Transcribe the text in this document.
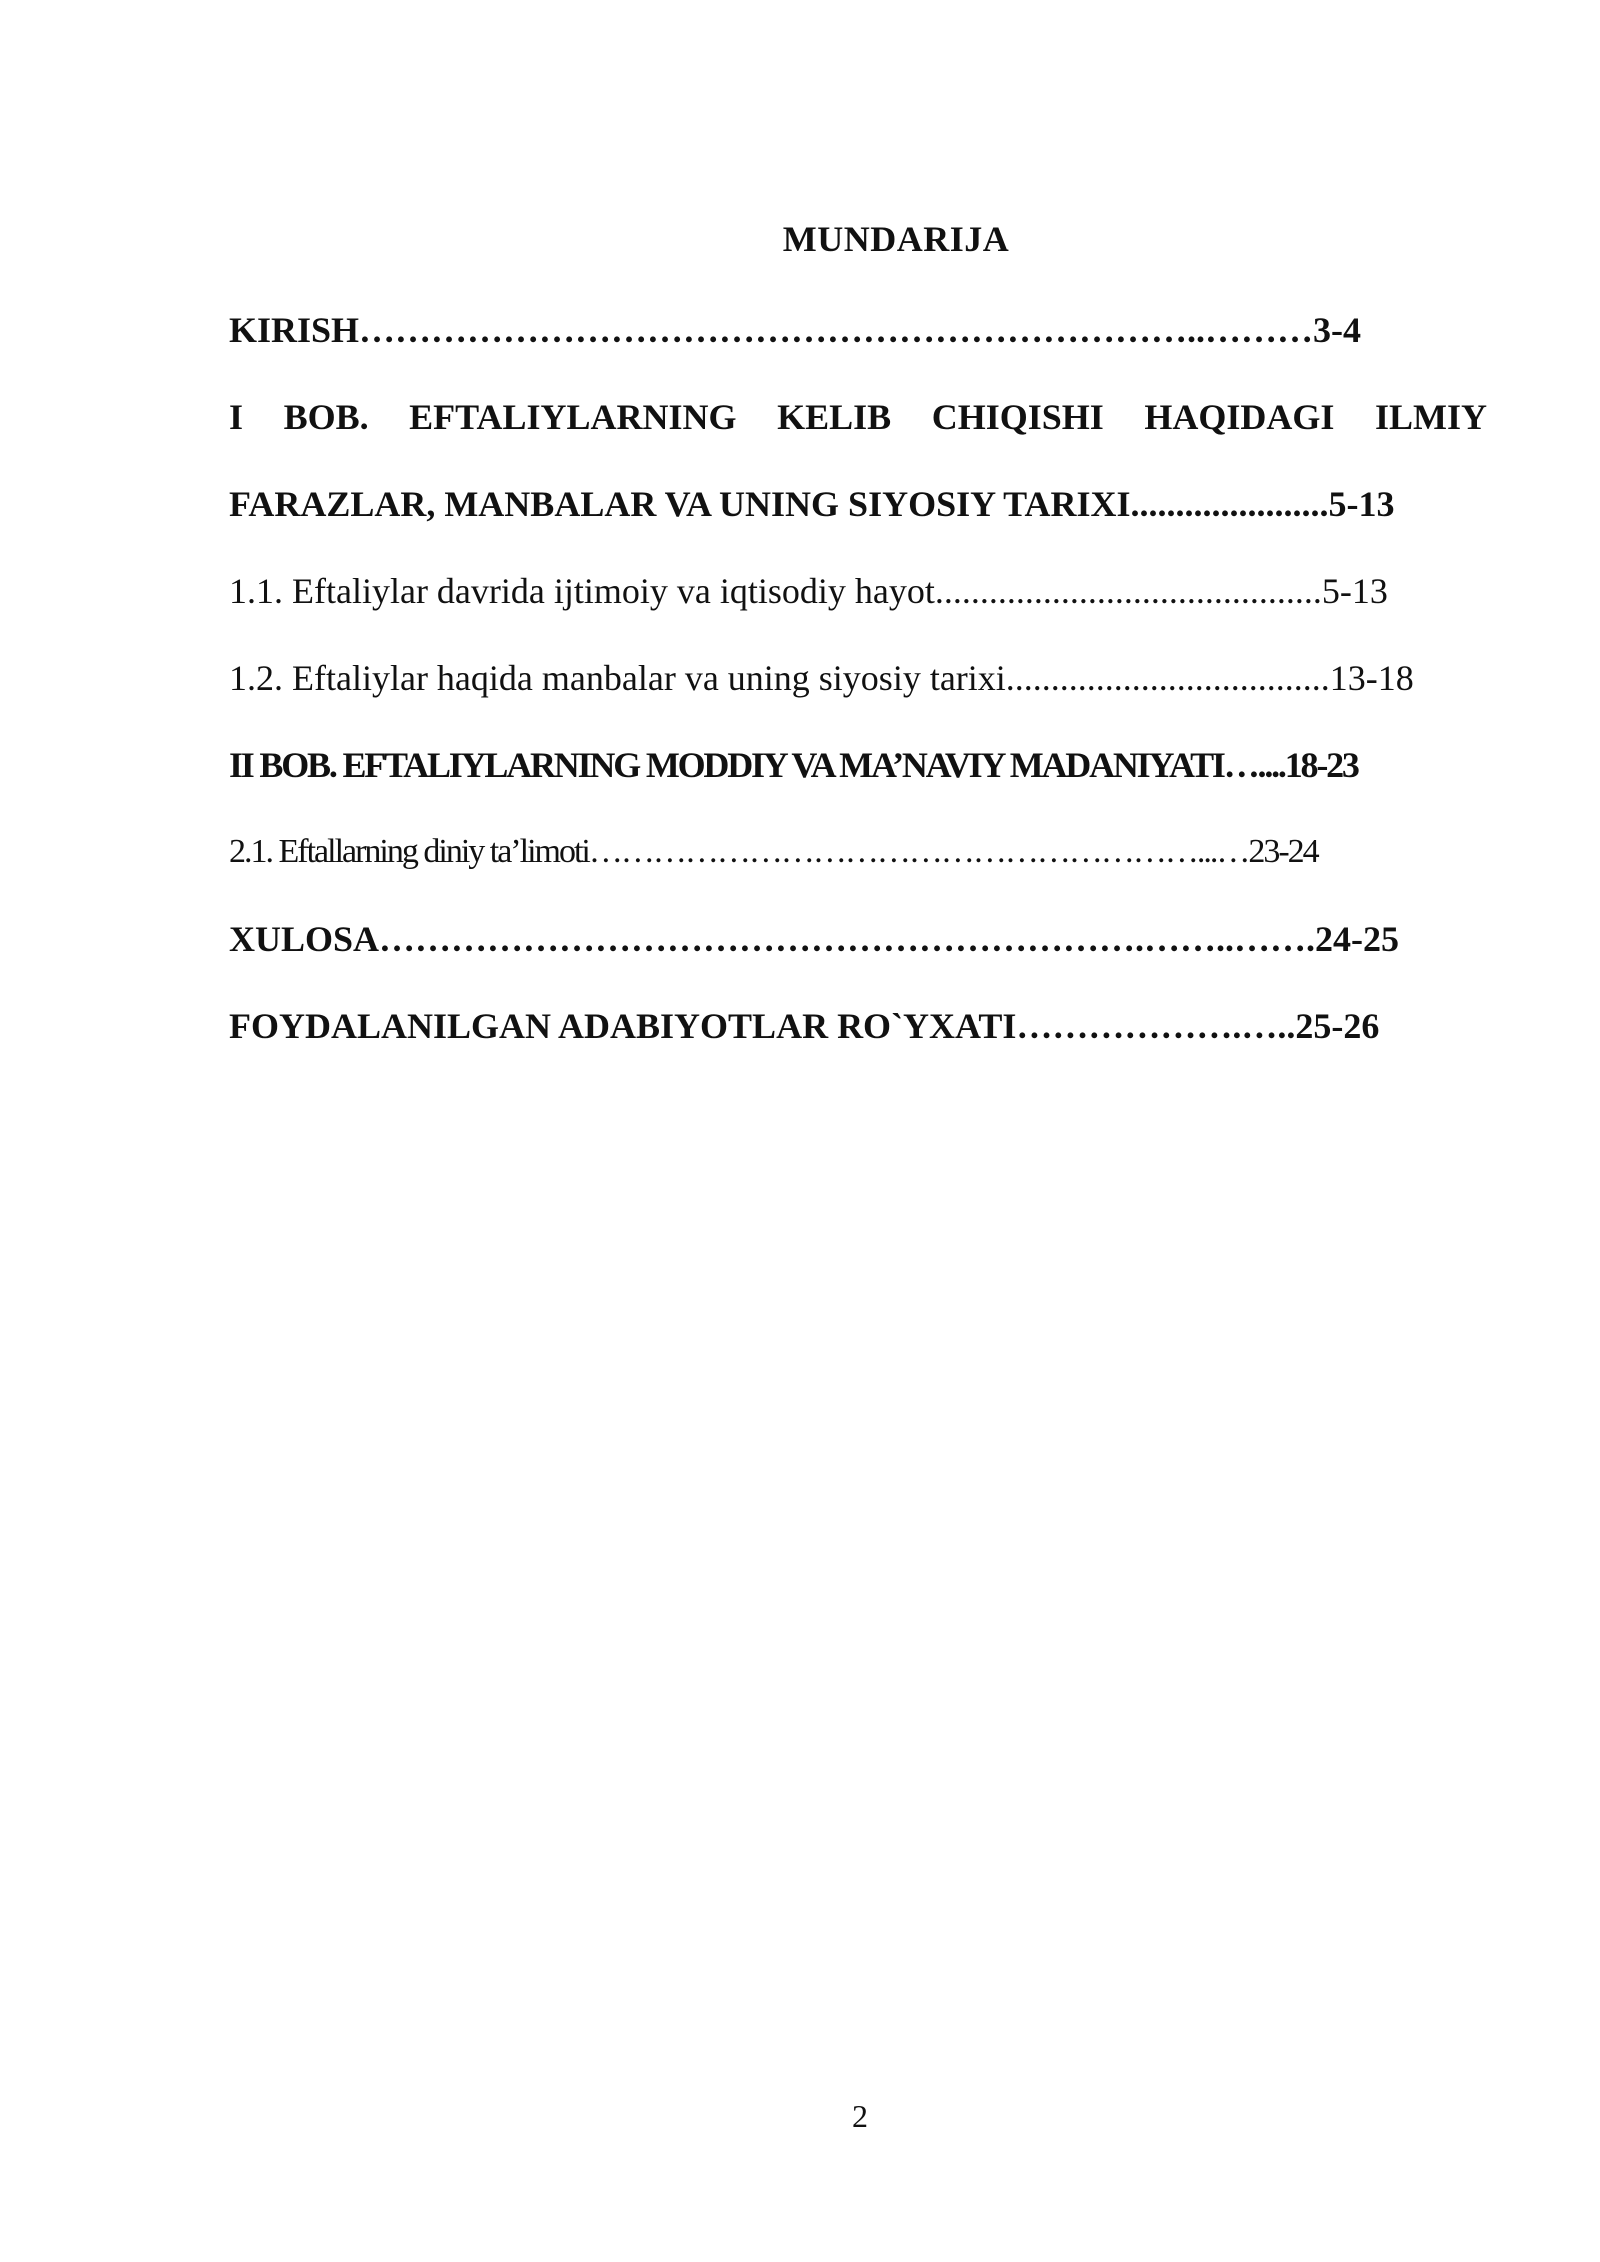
MUNDARIJA
KIRISH……………………………………………………………..………3-4
I BOB. EFTALIYLARNING KELIB CHIQISHI HAQIDAGI ILMIY
FARAZLAR, MANBALAR VA UNING SIYOSIY TARIXI......................5-13
1.1. Eftaliylar davrida ijtimoiy va iqtisodiy hayot...........................................5-13
1.2. Eftaliylar haqida manbalar va uning siyosiy tarixi....................................13-18
II BOB. EFTALIYLARNING MODDIY VA MA’NAVIY MADANIYATI…....18-23
2.1. Eftallarning diniy ta’limoti…………………………………………………...…23-24
XULOSA……………………………………………………….……..…….24-25
FOYDALANILGAN ADABIYOTLAR RO`YXATI……………….…..25-26
2
